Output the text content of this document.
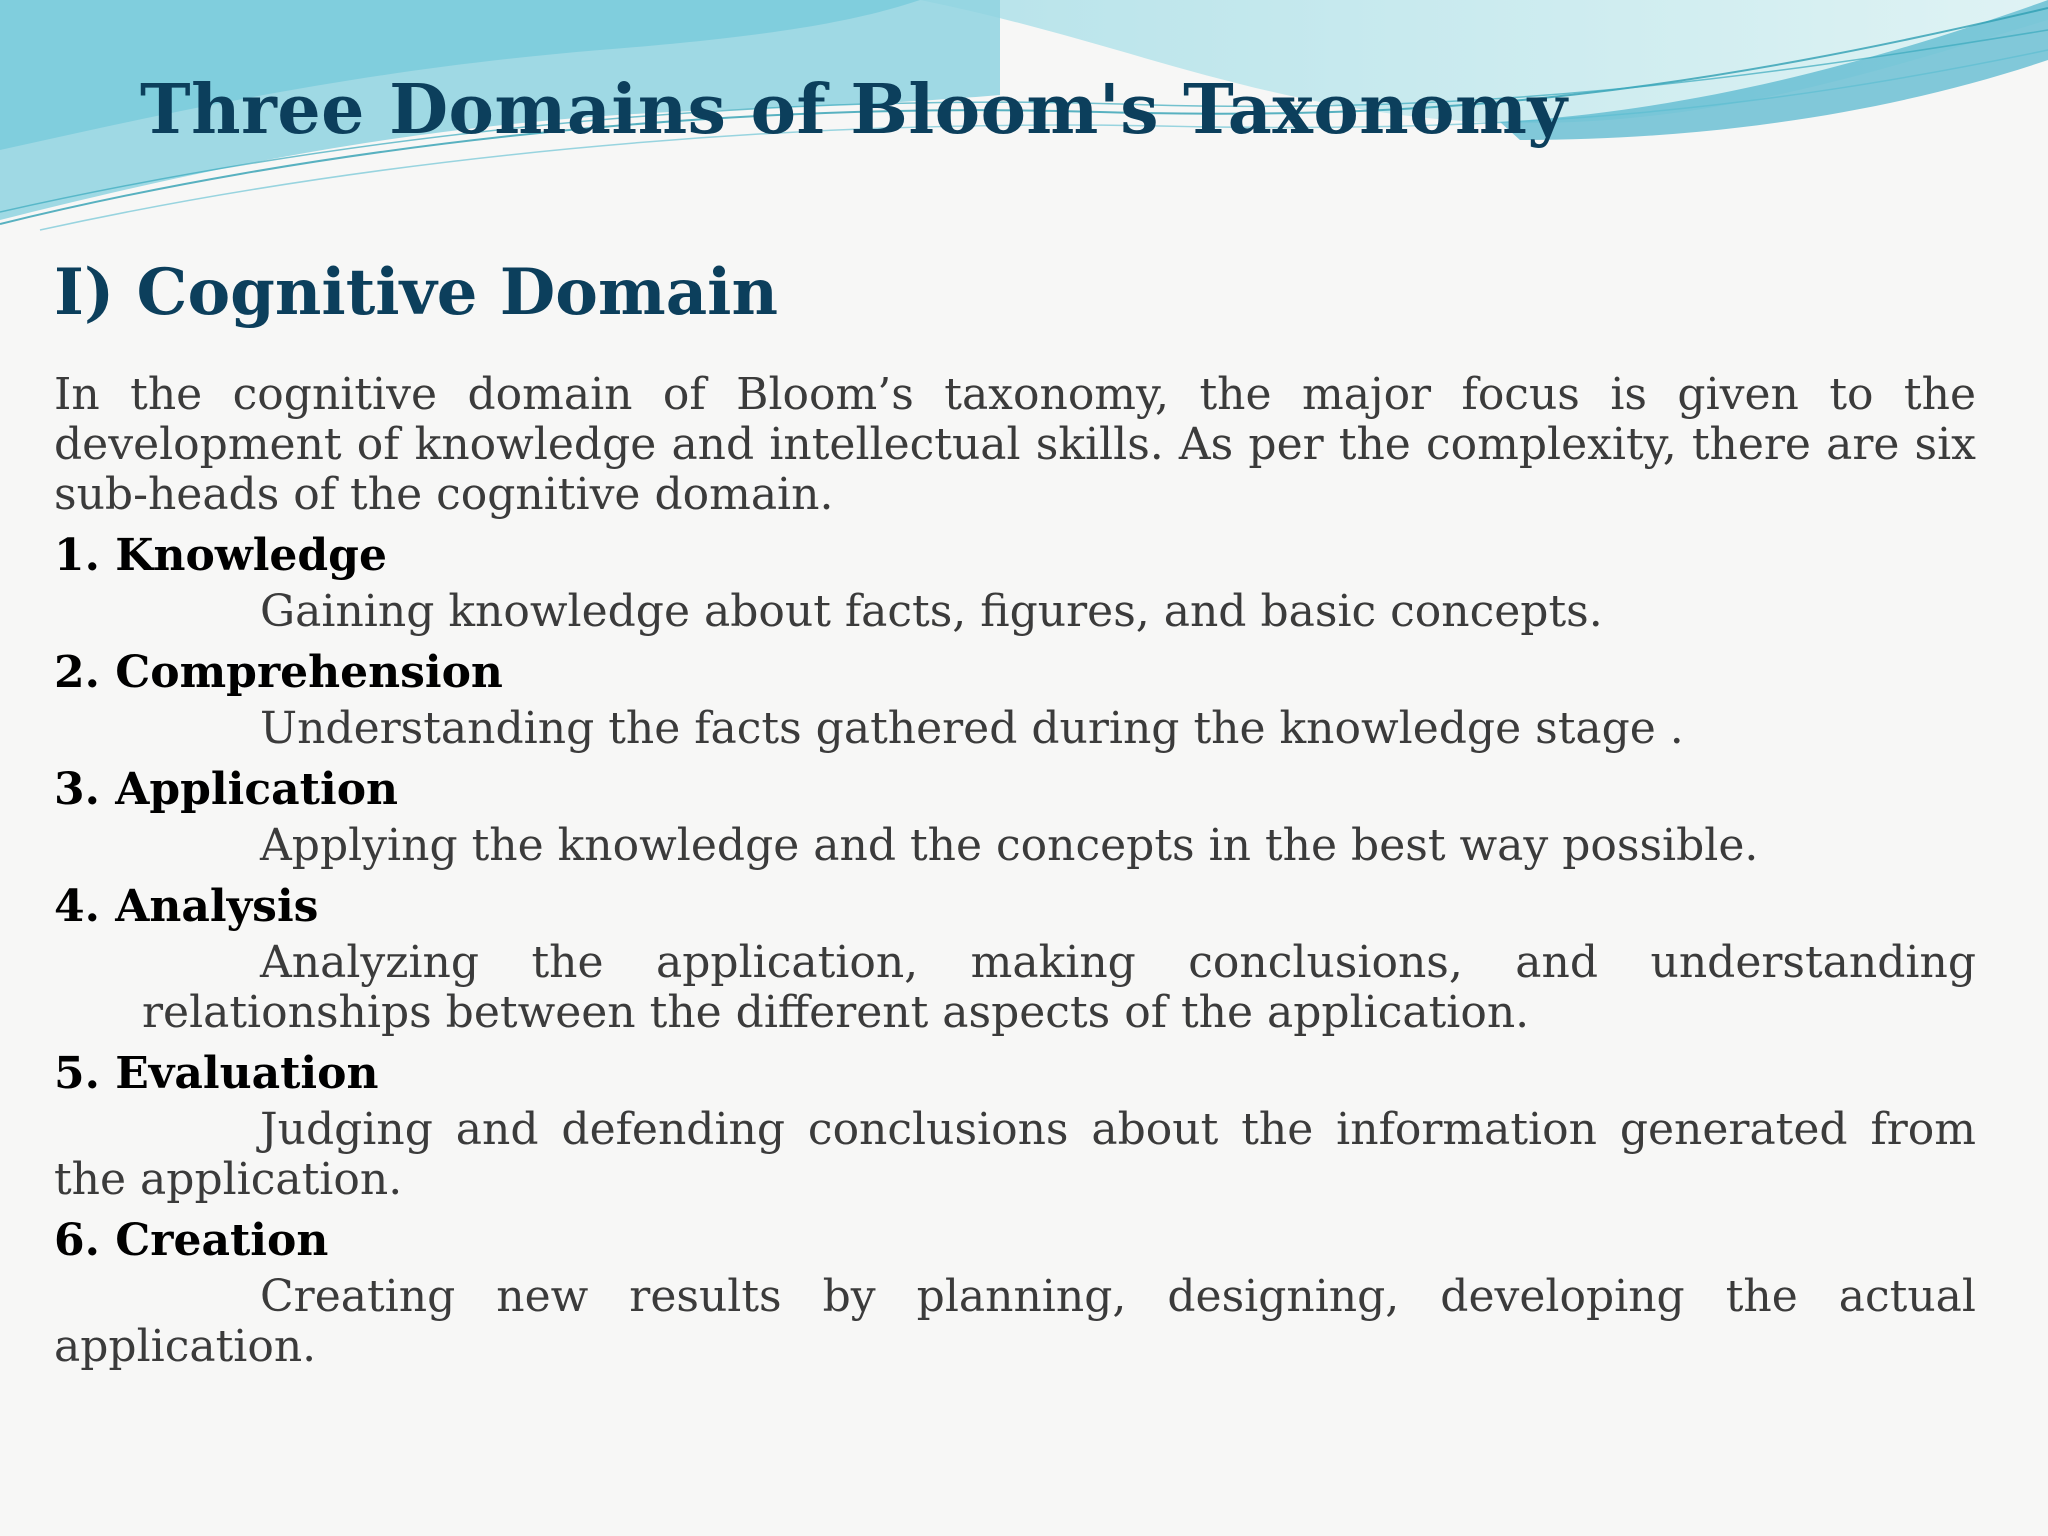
Three Domains of Bloom's Taxonomy
I) Cognitive Domain

In the cognitive domain of Bloom’s taxonomy, the major focus is given to the development of knowledge and intellectual skills. As per the complexity, there are six sub-heads of the cognitive domain.

1. Knowledge

Gaining knowledge about facts, figures, and basic concepts.

2. Comprehension

Understanding the facts gathered during the knowledge stage .

3. Application

Applying the knowledge and the concepts in the best way possible.

4. Analysis

Analyzing the application, making conclusions, and understanding relationships between the different aspects of the application.

5. Evaluation

Judging and defending conclusions about the information generated from the application.

6. Creation

Creating new results by planning, designing, developing the actual application.
